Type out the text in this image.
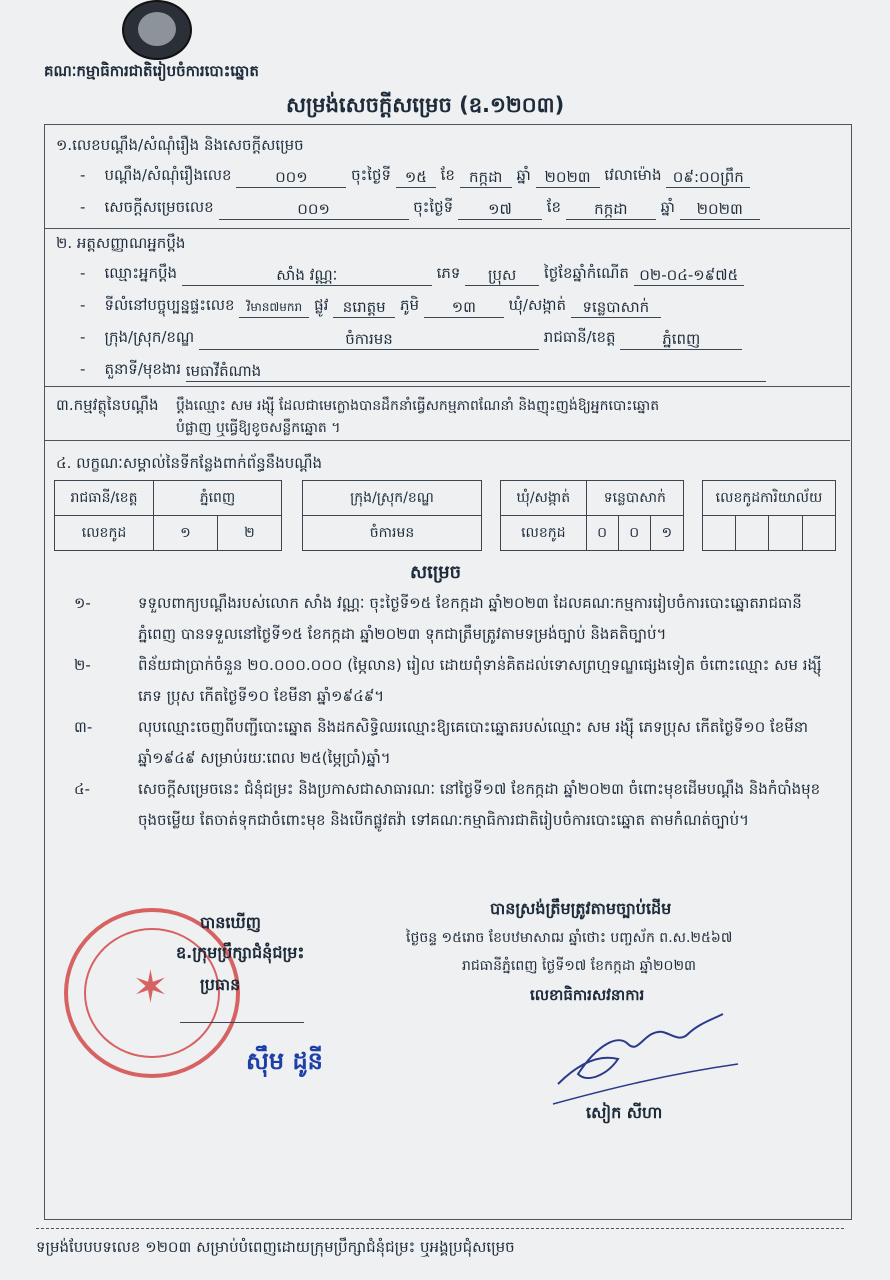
គណៈកម្មាធិការជាតិរៀបចំការបោះឆ្នោត
សម្រង់សេចក្ដីសម្រេច (ឧ.១២០៣)
១.លេខបណ្ដឹង/សំណុំរឿង និងសេចក្ដីសម្រេច
-    បណ្ដឹង/សំណុំរឿងលេខ	០០១	ចុះថ្ងៃទី ១៥ ខែ កក្កដា ឆ្នាំ ២០២៣ វេលាម៉ោង ០៩:០០ព្រឹក
-    សេចក្ដីសម្រេចលេខ	០០១	ចុះថ្ងៃទី ១៧ ខែ កក្កដា ឆ្នាំ ២០២៣
២. អត្តសញ្ញាណអ្នកប្ដឹង
-    ឈ្មោះអ្នកប្ដឹង	សាំង វណ្ណៈ	ភេទ ប្រុស ថ្ងៃខែឆ្នាំកំណើត ០២-០៤-១៩៧៥
-    ទីលំនៅបច្ចុប្បន្នផ្ទះលេខ វិមាន៧មករា ផ្លូវ នរោត្តម ភូមិ ១៣ ឃុំ/សង្កាត់ ទន្លេបាសាក់
-    ក្រុង/ស្រុក/ខណ្ឌ	ចំការមន	រាជធានី/ខេត្ត	ភ្នំពេញ
-    តួនាទី/មុខងារ មេធាវីតំណាង
៣.កម្មវត្ថុនៃបណ្ដឹង ប្ដឹងឈ្មោះ សម រង្ស៊ី ដែលជាមេក្លោងបានដឹកនាំធ្វើសកម្មភាពណែនាំ និងញុះញង់ឱ្យអ្នកបោះឆ្នោត
បំផ្លាញ ឬធ្វើឱ្យខូចសន្លឹកឆ្នោត ។
៤. លក្ខណៈសម្គាល់នៃទីកន្លែងពាក់ព័ន្ធនឹងបណ្ដឹង
រាជធានី/ខេត្ត	ភ្នំពេញ	
លេខកូដ	១	២
ក្រុង/ស្រុក/ខណ្ឌ
ចំការមន
ឃុំ/សង្កាត់	ទន្លេបាសាក់		
លេខកូដ	០	០	១
លេខកូដការិយាល័យ

សម្រេច
១-	ទទួលពាក្យបណ្ដឹងរបស់លោក សាំង វណ្ណៈ ចុះថ្ងៃទី១៥ ខែកក្កដា ឆ្នាំ២០២៣ ដែលគណៈកម្មការរៀបចំការបោះឆ្នោតរាជធានីភ្នំពេញ បានទទួលនៅថ្ងៃទី១៥ ខែកក្កដា ឆ្នាំ២០២៣ ទុកជាត្រឹមត្រូវតាមទម្រង់ច្បាប់ និងគតិច្បាប់។
២-	ពិន័យជាប្រាក់ចំនួន ២០.០០០.០០០ (ម្ភៃលាន) រៀល ដោយពុំទាន់គិតដល់ទោសព្រហ្មទណ្ឌផ្សេងទៀត ចំពោះឈ្មោះ សម រង្ស៊ី ភេទ ប្រុស កើតថ្ងៃទី១០ ខែមីនា ឆ្នាំ១៩៤៩។
៣-	លុបឈ្មោះចេញពីបញ្ជីបោះឆ្នោត និងដកសិទ្ធិឈរឈ្មោះឱ្យគេបោះឆ្នោតរបស់ឈ្មោះ សម រង្ស៊ី ភេទប្រុស កើតថ្ងៃទី១០ ខែមីនា ឆ្នាំ១៩៤៩ សម្រាប់រយៈពេល ២៥(ម្ភៃប្រាំ)ឆ្នាំ។
៤-	សេចក្ដីសម្រេចនេះ ជំនុំជម្រះ និងប្រកាសជាសាធារណៈ នៅថ្ងៃទី១៧ ខែកក្កដា ឆ្នាំ២០២៣ ចំពោះមុខដើមបណ្ដឹង និងកំបាំងមុខចុងចម្លើយ តែចាត់ទុកជាចំពោះមុខ និងបើកផ្លូវតវ៉ា ទៅគណៈកម្មាធិការជាតិរៀបចំការបោះឆ្នោត តាមកំណត់ច្បាប់។
✶
បានឃើញ
ឧ.ក្រុមប្រឹក្សាជំនុំជម្រះ
ប្រធាន
ស៊ឹម ដូនី
បានស្រង់ត្រឹមត្រូវតាមច្បាប់ដើម
ថ្ងៃចន្ទ ១៥រោច ខែបឋមាសាឍ ឆ្នាំថោះ បញ្ចស័ក ព.ស.២៥៦៧
រាជធានីភ្នំពេញ ថ្ងៃទី១៧ ខែកក្កដា ឆ្នាំ២០២៣
លេខាធិការសវនាការ
សៀក សីហា
ទម្រង់បែបបទលេខ ១២០៣ សម្រាប់បំពេញដោយក្រុមប្រឹក្សាជំនុំជម្រះ ឬអង្គប្រជុំសម្រេច
